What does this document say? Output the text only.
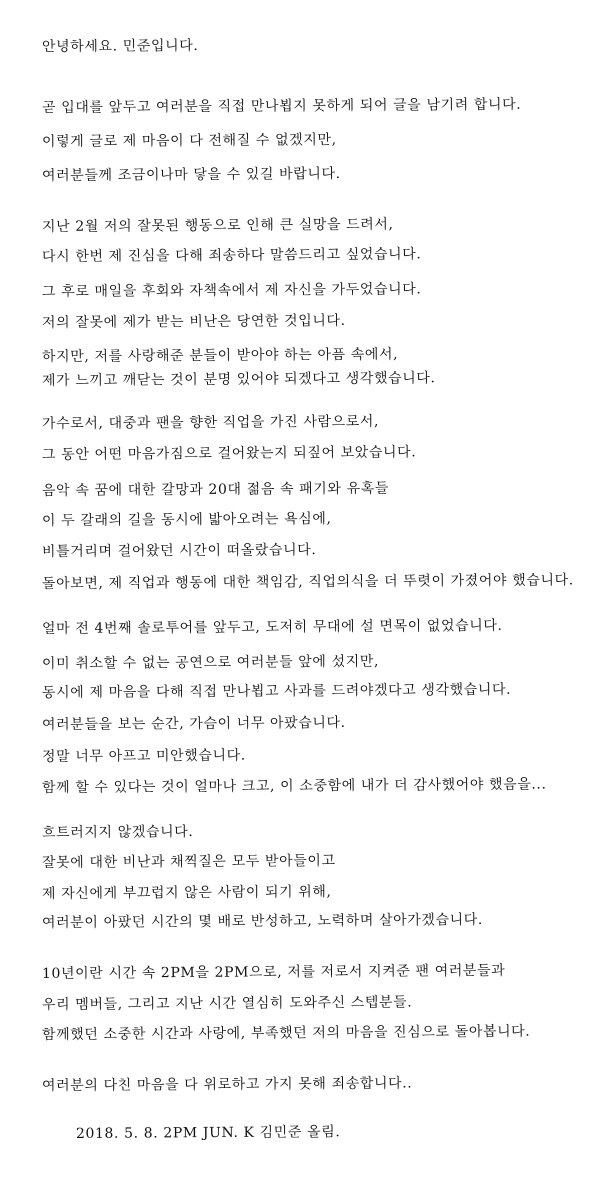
안녕하세요. 민준입니다.
곧 입대를 앞두고 여러분을 직접 만나뵙지 못하게 되어 글을 남기려 합니다.
이렇게 글로 제 마음이 다 전해질 수 없겠지만,
여러분들께 조금이나마 닿을 수 있길 바랍니다.
지난 2월 저의 잘못된 행동으로 인해 큰 실망을 드려서,
다시 한번 제 진심을 다해 죄송하다 말씀드리고 싶었습니다.
그 후로 매일을 후회와 자책속에서 제 자신을 가두었습니다.
저의 잘못에 제가 받는 비난은 당연한 것입니다.
하지만, 저를 사랑해준 분들이 받아야 하는 아픔 속에서,
제가 느끼고 깨닫는 것이 분명 있어야 되겠다고 생각했습니다.
가수로서, 대중과 팬을 향한 직업을 가진 사람으로서,
그 동안 어떤 마음가짐으로 걸어왔는지 되짚어 보았습니다.
음악 속 꿈에 대한 갈망과 20대 젊음 속 패기와 유혹들
이 두 갈래의 길을 동시에 밟아오려는 욕심에,
비틀거리며 걸어왔던 시간이 떠올랐습니다.
돌아보면, 제 직업과 행동에 대한 책임감, 직업의식을 더 뚜렷이 가졌어야 했습니다.
얼마 전 4번째 솔로투어를 앞두고, 도저히 무대에 설 면목이 없었습니다.
이미 취소할 수 없는 공연으로 여러분들 앞에 섰지만,
동시에 제 마음을 다해 직접 만나뵙고 사과를 드려야겠다고 생각했습니다.
여러분들을 보는 순간, 가슴이 너무 아팠습니다.
정말 너무 아프고 미안했습니다.
함께 할 수 있다는 것이 얼마나 크고, 이 소중함에 내가 더 감사했어야 했음을...
흐트러지지 않겠습니다.
잘못에 대한 비난과 채찍질은 모두 받아들이고
제 자신에게 부끄럽지 않은 사람이 되기 위해,
여러분이 아팠던 시간의 몇 배로 반성하고, 노력하며 살아가겠습니다.
10년이란 시간 속 2PM을 2PM으로, 저를 저로서 지켜준 팬 여러분들과
우리 멤버들, 그리고 지난 시간 열심히 도와주신 스텝분들.
함께했던 소중한 시간과 사랑에, 부족했던 저의 마음을 진심으로 돌아봅니다.
여러분의 다친 마음을 다 위로하고 가지 못해 죄송합니다..
2018. 5. 8. 2PM JUN. K 김민준 올림.
